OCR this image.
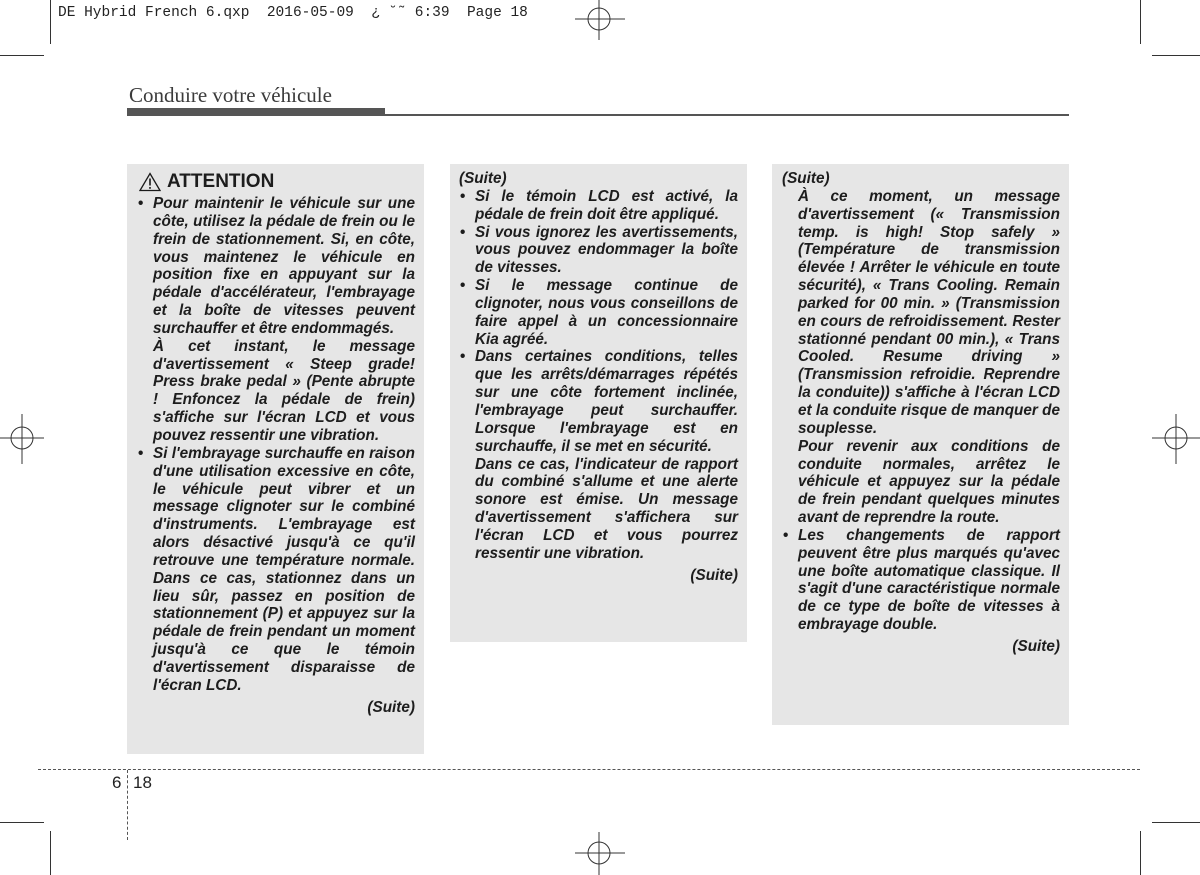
DE Hybrid French 6.qxp  2016-05-09  ¿ ˘˜ 6:39  Page 18
Conduire votre véhicule
ATTENTION

• Pour maintenir le véhicule sur une côte, utilisez la pédale de frein ou le frein de stationnement. Si, en côte, vous maintenez le véhicule en position fixe en appuyant sur la pédale d'accélérateur, l'embrayage et la boîte de vitesses peuvent surchauffer et être endommagés.

À cet instant, le message d'avertissement « Steep grade! Press brake pedal » (Pente abrupte ! Enfoncez la pédale de frein) s'affiche sur l'écran LCD et vous pouvez ressentir une vibration.

• Si l'embrayage surchauffe en raison d'une utilisation excessive en côte, le véhicule peut vibrer et un message clignoter sur le combiné d'instruments. L'embrayage est alors désactivé jusqu'à ce qu'il retrouve une température normale. Dans ce cas, stationnez dans un lieu sûr, passez en position de stationnement (P) et appuyez sur la pédale de frein pendant un moment jusqu'à ce que le témoin d'avertissement disparaisse de l'écran LCD.

(Suite)

(Suite)

• Si le témoin LCD est activé, la pédale de frein doit être appliqué.

• Si vous ignorez les avertissements, vous pouvez endommager la boîte de vitesses.

• Si le message continue de clignoter, nous vous conseillons de faire appel à un concessionnaire Kia agréé.

• Dans certaines conditions, telles que les arrêts/démarrages répétés sur une côte fortement inclinée, l'embrayage peut surchauffer. Lorsque l'embrayage est en surchauffe, il se met en sécurité.

Dans ce cas, l'indicateur de rapport du combiné s'allume et une alerte sonore est émise. Un message d'avertissement s'affichera sur l'écran LCD et vous pourrez ressentir une vibration.

(Suite)

(Suite)

À ce moment, un message d'avertissement (« Transmission temp. is high! Stop safely » (Température de transmission élevée ! Arrêter le véhicule en toute sécurité), « Trans Cooling. Remain parked for 00 min. » (Transmission en cours de refroidissement. Rester stationné pendant 00 min.), « Trans Cooled. Resume driving » (Transmission refroidie. Reprendre la conduite)) s'affiche à l'écran LCD et la conduite risque de manquer de souplesse.

Pour revenir aux conditions de conduite normales, arrêtez le véhicule et appuyez sur la pédale de frein pendant quelques minutes avant de reprendre la route.

• Les changements de rapport peuvent être plus marqués qu'avec une boîte automatique classique. Il s'agit d'une caractéristique normale de ce type de boîte de vitesses à embrayage double.

(Suite)

6 18
